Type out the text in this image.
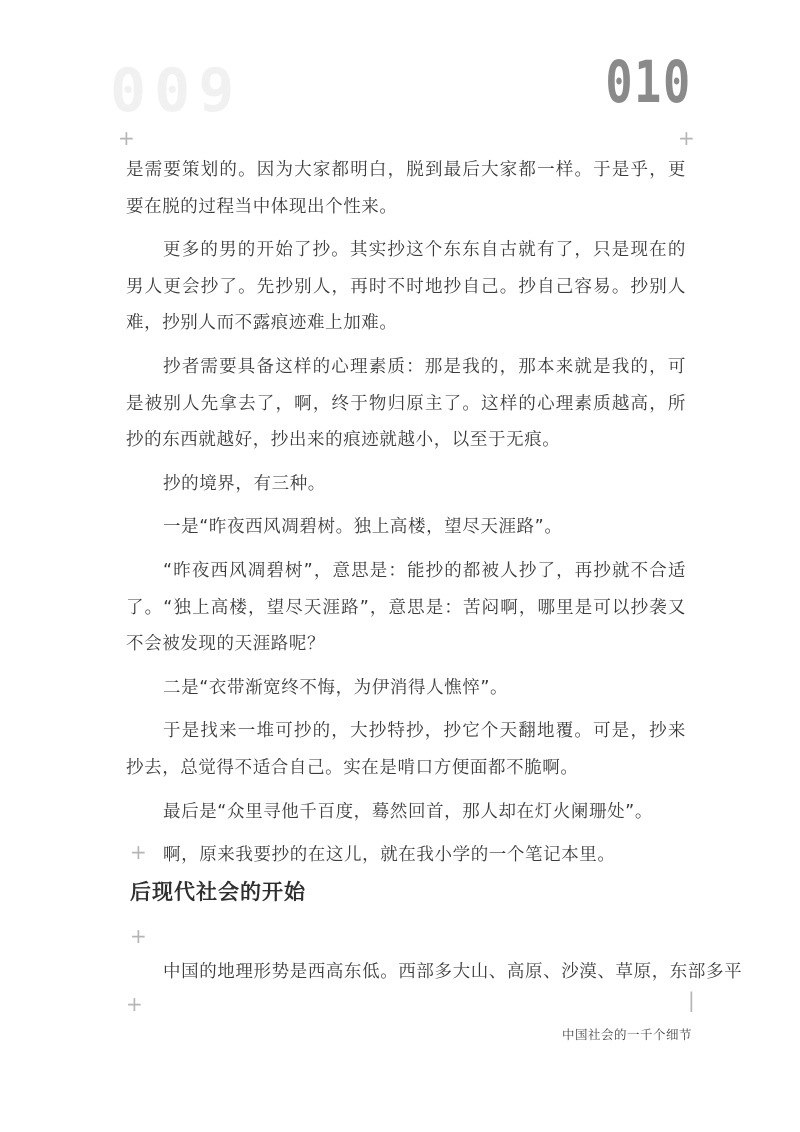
009	010
+	+
+
+
+	|

是需要策划的。因为大家都明白，脱到最后大家都一样。于是乎，更要在脱的过程当中体现出个性来。

更多的男的开始了抄。其实抄这个东东自古就有了，只是现在的男人更会抄了。先抄别人，再时不时地抄自己。抄自己容易。抄别人难，抄别人而不露痕迹难上加难。

抄者需要具备这样的心理素质：那是我的，那本来就是我的，可是被别人先拿去了，啊，终于物归原主了。这样的心理素质越高，所抄的东西就越好，抄出来的痕迹就越小，以至于无痕。

抄的境界，有三种。

一是“昨夜西风凋碧树。独上高楼，望尽天涯路”。

“昨夜西风凋碧树”，意思是：能抄的都被人抄了，再抄就不合适了。“独上高楼，望尽天涯路”，意思是：苦闷啊，哪里是可以抄袭又不会被发现的天涯路呢？

二是“衣带渐宽终不悔，为伊消得人憔悴”。

于是找来一堆可抄的，大抄特抄，抄它个天翻地覆。可是，抄来抄去，总觉得不适合自己。实在是啃口方便面都不脆啊。

最后是“众里寻他千百度，蓦然回首，那人却在灯火阑珊处”。

啊，原来我要抄的在这儿，就在我小学的一个笔记本里。

后现代社会的开始

中国的地理形势是西高东低。西部多大山、高原、沙漠、草原，东部多平

中国社会的一千个细节
